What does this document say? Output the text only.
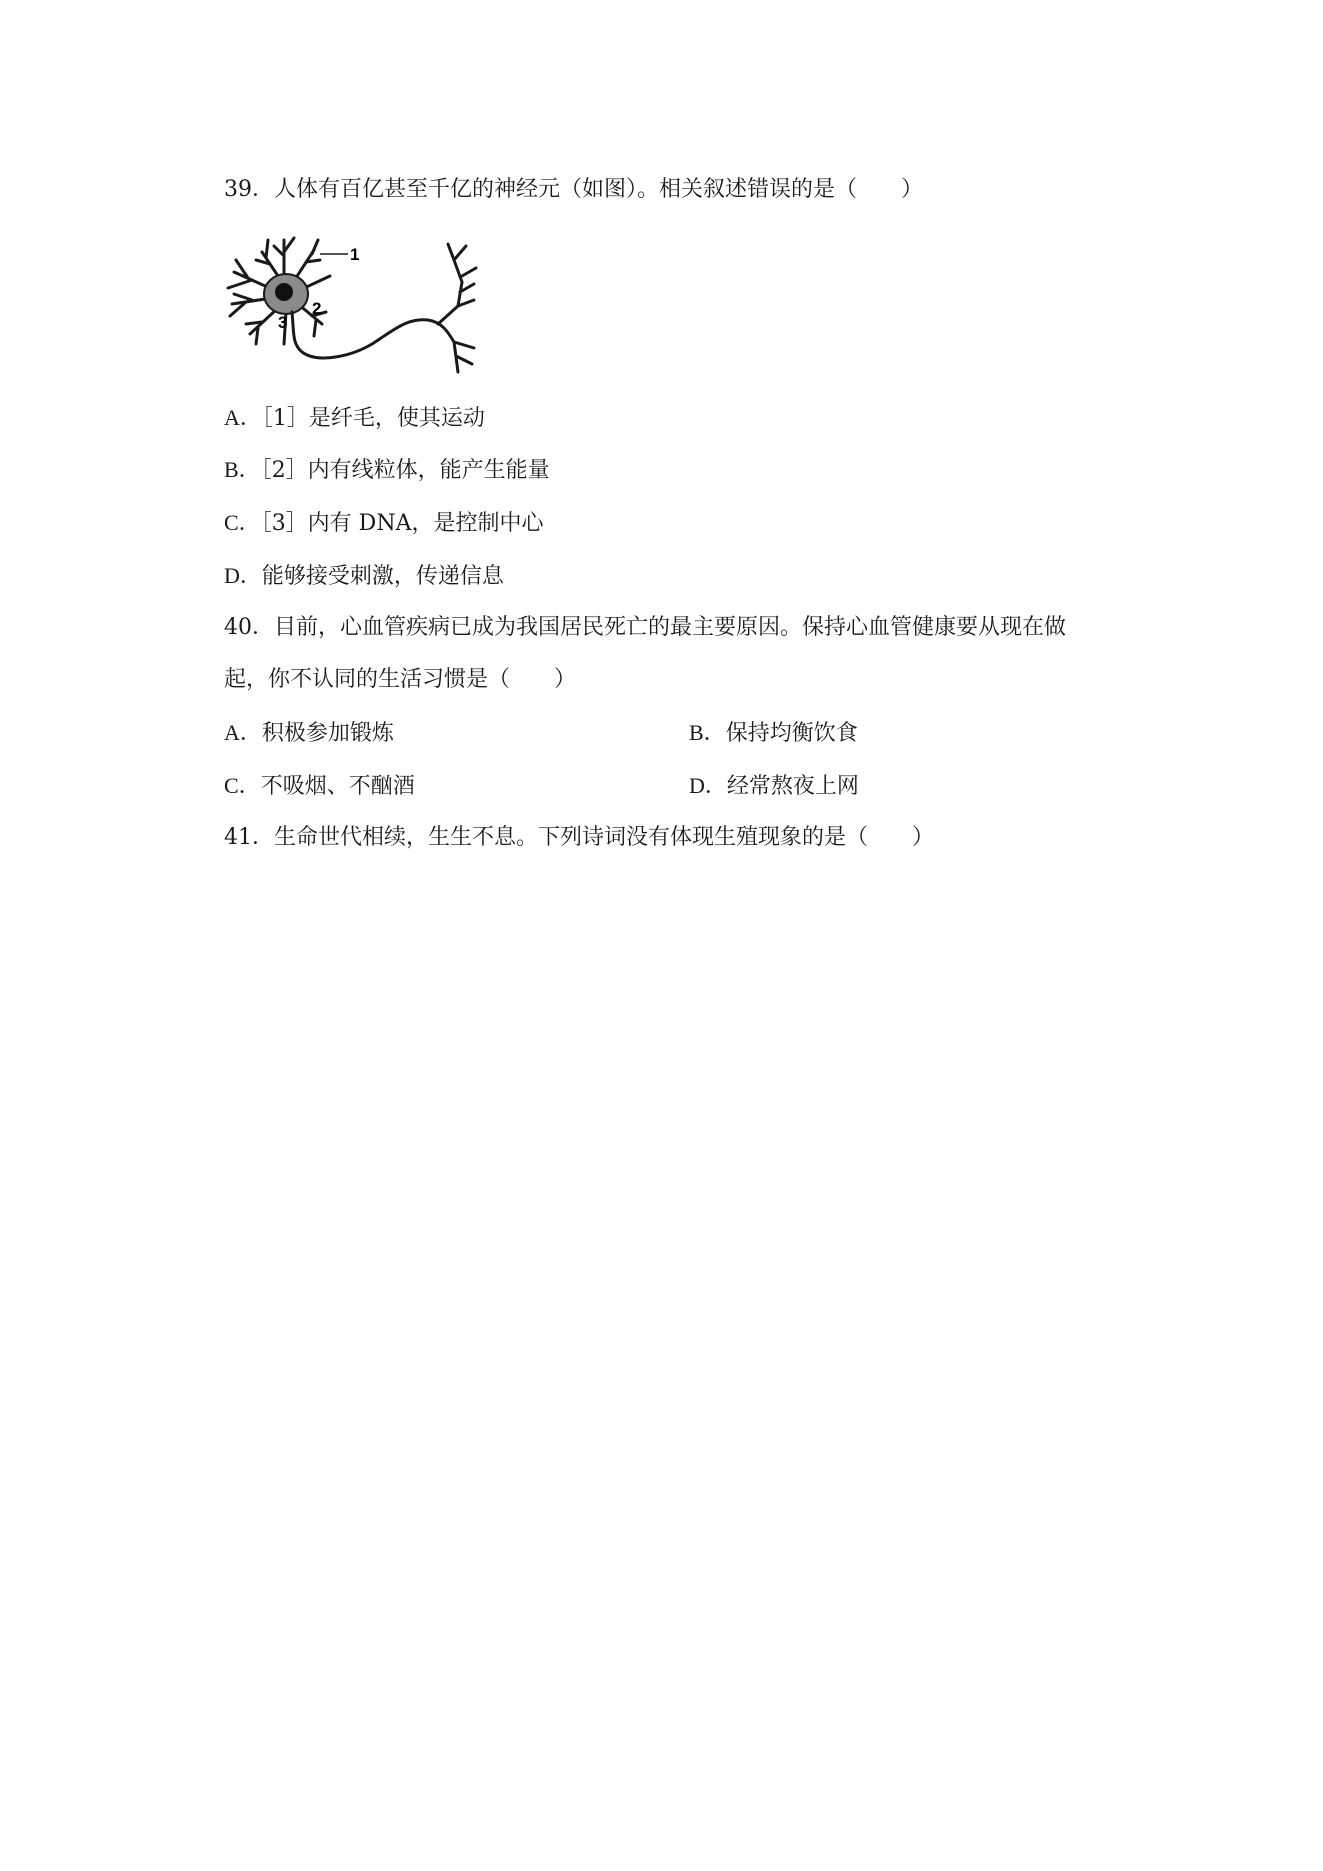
39．人体有百亿甚至千亿的神经元（如图）。相关叙述错误的是（　　）
1
2
3
A．［1］是纤毛，使其运动
B．［2］内有线粒体，能产生能量
C．［3］内有 DNA，是控制中心
D．能够接受刺激，传递信息
40．目前，心血管疾病已成为我国居民死亡的最主要原因。保持心血管健康要从现在做
起，你不认同的生活习惯是（　　）
A．积极参加锻炼	B．保持均衡饮食
C．不吸烟、不酗酒	D．经常熬夜上网
41．生命世代相续，生生不息。下列诗词没有体现生殖现象的是（　　）
